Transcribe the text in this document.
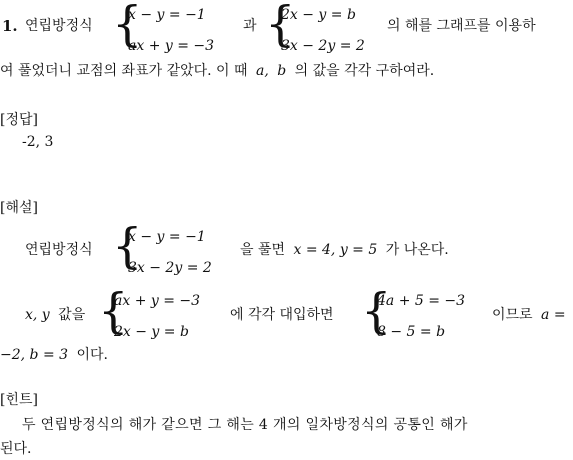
1. 연립방정식 {
x − y = −1
ax + y = −3
과 {
2x − y = b
3x − 2y = 2
의 해를 그래프를 이용하
여 풀었더니 교점의 좌표가 같았다. 이 때 a, b 의 값을 각각 구하여라.
[정답]
-2, 3
[해설]
연립방정식 {
x − y = −1
3x − 2y = 2
을 풀면 x = 4, y = 5 가 나온다.
x, y 값을 {
ax + y = −3
2x − y = b
에 각각 대입하면 {
4a + 5 = −3
8 − 5 = b
이므로 a =
−2, b = 3 이다.
[힌트]
두 연립방정식의 해가 같으면 그 해는 4 개의 일차방정식의 공통인 해가
된다.
